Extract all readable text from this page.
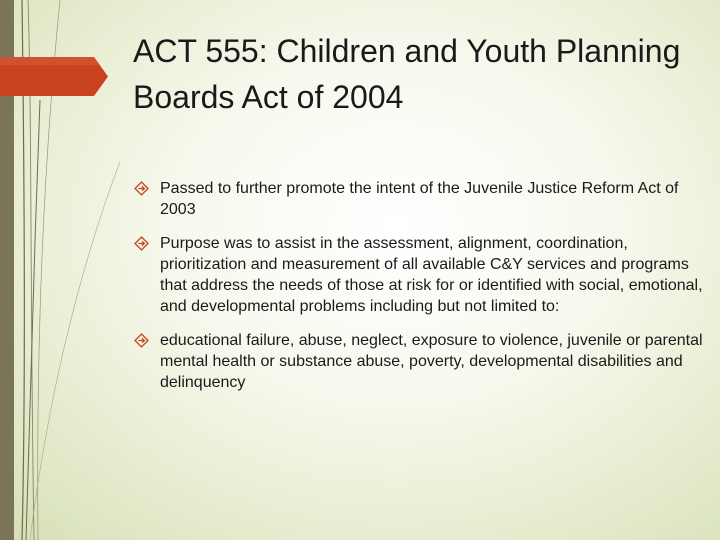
ACT 555: Children and Youth Planning Boards Act of 2004
Passed to further promote the intent of the Juvenile Justice Reform Act of 2003
Purpose was to assist in the assessment, alignment, coordination, prioritization and measurement of all available C&Y services and programs that address the needs of those at risk for or identified with social, emotional, and developmental problems including but not limited to:
educational failure, abuse, neglect, exposure to violence, juvenile or parental mental health or substance abuse, poverty, developmental disabilities and delinquency
